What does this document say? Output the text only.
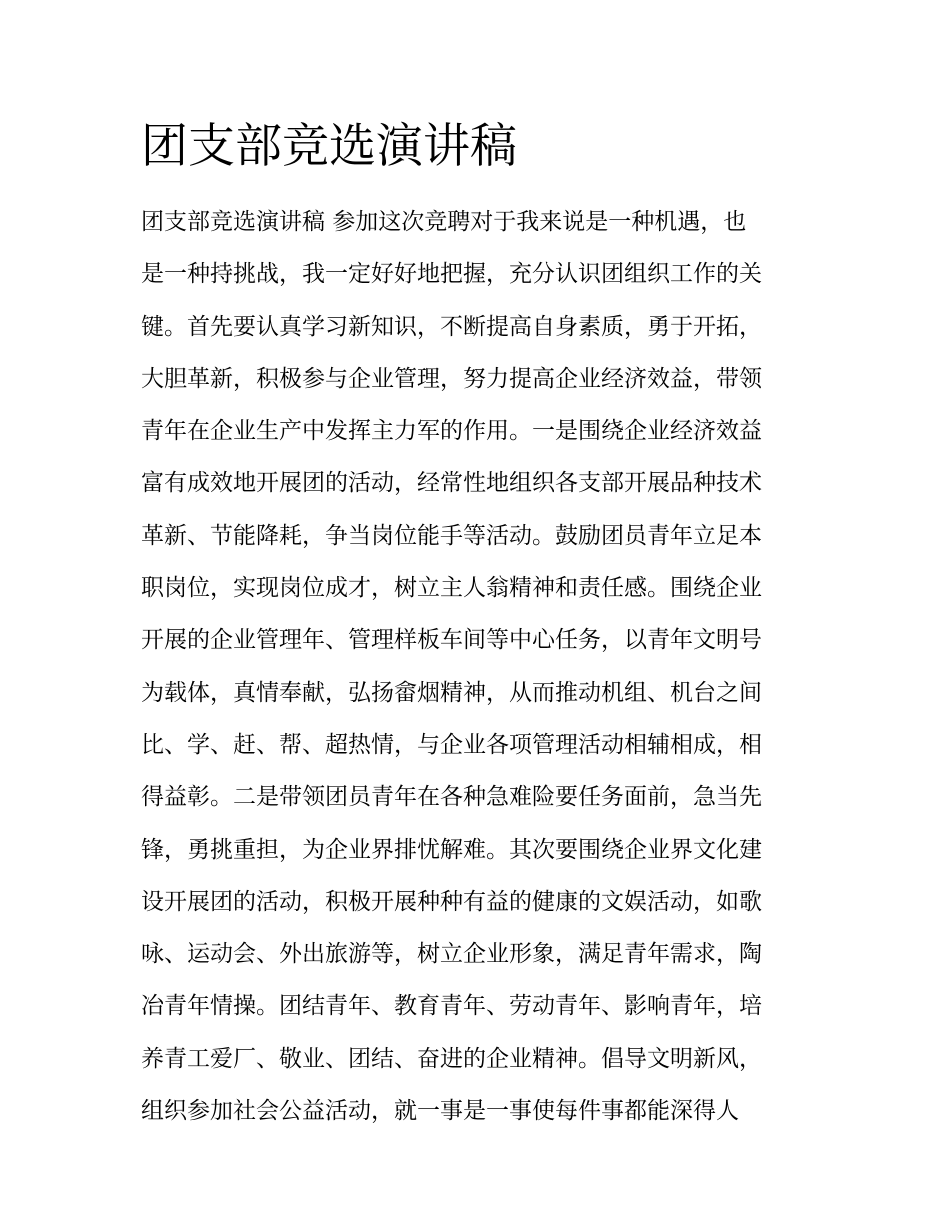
团支部竞选演讲稿
团支部竞选演讲稿 参加这次竞聘对于我来说是一种机遇，也
是一种持挑战，我一定好好地把握，充分认识团组织工作的关
键。首先要认真学习新知识，不断提高自身素质，勇于开拓，
大胆革新，积极参与企业管理，努力提高企业经济效益，带领
青年在企业生产中发挥主力军的作用。一是围绕企业经济效益
富有成效地开展团的活动，经常性地组织各支部开展品种技术
革新、节能降耗，争当岗位能手等活动。鼓励团员青年立足本
职岗位，实现岗位成才，树立主人翁精神和责任感。围绕企业
开展的企业管理年、管理样板车间等中心任务，以青年文明号
为载体，真情奉献，弘扬畲烟精神，从而推动机组、机台之间
比、学、赶、帮、超热情，与企业各项管理活动相辅相成，相
得益彰。二是带领团员青年在各种急难险要任务面前，急当先
锋，勇挑重担，为企业界排忧解难。其次要围绕企业界文化建
设开展团的活动，积极开展种种有益的健康的文娱活动，如歌
咏、运动会、外出旅游等，树立企业形象，满足青年需求，陶
冶青年情操。团结青年、教育青年、劳动青年、影响青年，培
养青工爱厂、敬业、团结、奋进的企业精神。倡导文明新风，
组织参加社会公益活动，就一事是一事使每件事都能深得人
